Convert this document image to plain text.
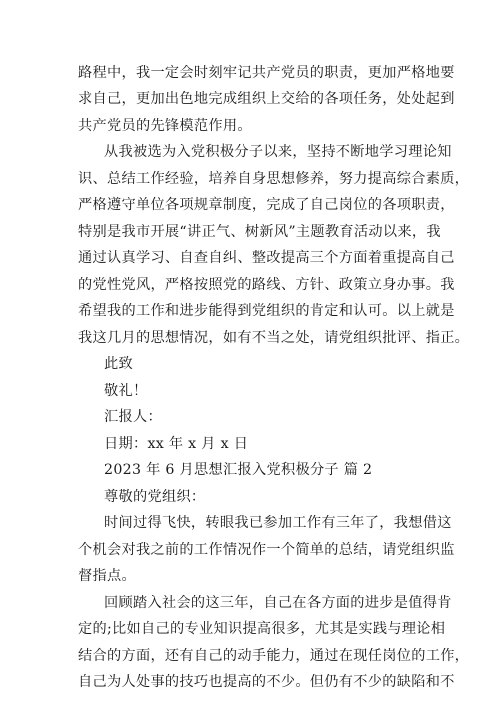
路程中，我一定会时刻牢记共产党员的职责，更加严格地要
求自己，更加出色地完成组织上交给的各项任务，处处起到
共产党员的先锋模范作用。
从我被选为入党积极分子以来，坚持不断地学习理论知
识、总结工作经验，培养自身思想修养，努力提高综合素质，
严格遵守单位各项规章制度，完成了自己岗位的各项职责，
特别是我市开展“讲正气、树新风”主题教育活动以来，我
通过认真学习、自查自纠、整改提高三个方面着重提高自己
的党性党风，严格按照党的路线、方针、政策立身办事。我
希望我的工作和进步能得到党组织的肯定和认可。以上就是
我这几月的思想情况，如有不当之处，请党组织批评、指正。
此致
敬礼！
汇报人：
日期：xx 年 x 月 x 日
2023 年 6 月思想汇报入党积极分子 篇 2
尊敬的党组织：
时间过得飞快，转眼我已参加工作有三年了，我想借这
个机会对我之前的工作情况作一个简单的总结，请党组织监
督指点。
回顾踏入社会的这三年，自己在各方面的进步是值得肯
定的;比如自己的专业知识提高很多，尤其是实践与理论相
结合的方面，还有自己的动手能力，通过在现任岗位的工作，
自己为人处事的技巧也提高的不少。但仍有不少的缺陷和不
